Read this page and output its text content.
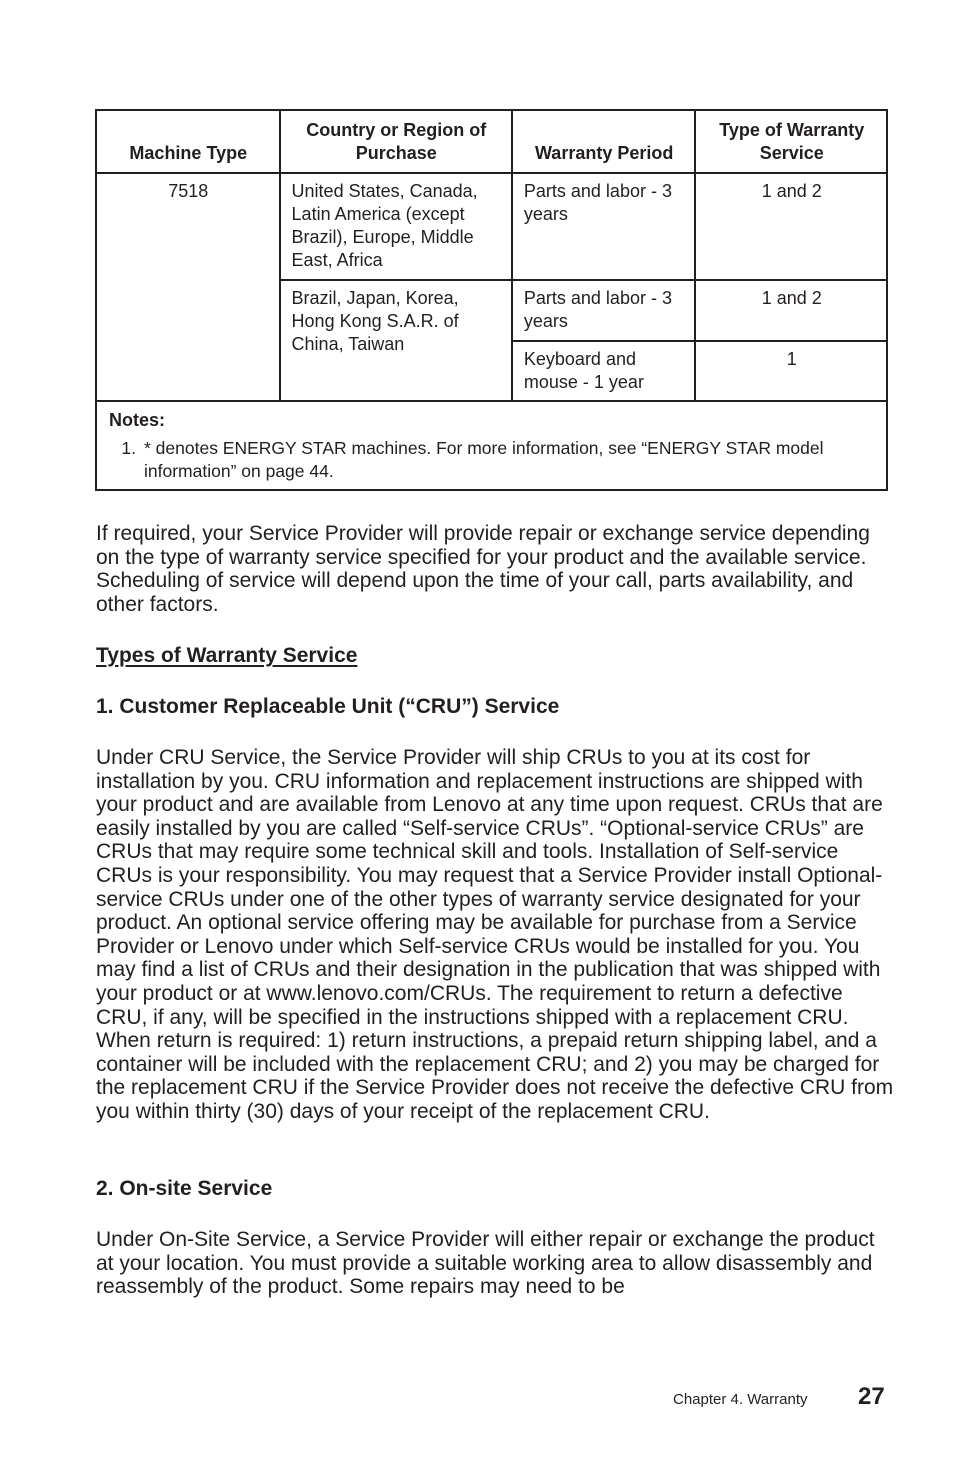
Machine Type	Country or Region of Purchase	Warranty Period	Type of Warranty Service
7518	United States, Canada, Latin America (except Brazil), Europe, Middle East, Africa	Parts and labor - 3 years	1 and 2
	Brazil, Japan, Korea, Hong Kong S.A.R. of China, Taiwan	Parts and labor - 3 years	1 and 2
		Keyboard and mouse - 1 year	1

Notes:
1. * denotes ENERGY STAR machines. For more information, see “ENERGY STAR model information” on page 44.			

If required, your Service Provider will provide repair or exchange service depending on the type of warranty service specified for your product and the available service. Scheduling of service will depend upon the time of your call, parts availability, and other factors.

Types of Warranty Service

1. Customer Replaceable Unit (“CRU”) Service

Under CRU Service, the Service Provider will ship CRUs to you at its cost for installation by you. CRU information and replacement instructions are shipped with your product and are available from Lenovo at any time upon request. CRUs that are easily installed by you are called “Self-service CRUs”. “Optional-service CRUs” are CRUs that may require some technical skill and tools. Installation of Self-service CRUs is your responsibility. You may request that a Service Provider install Optional-service CRUs under one of the other types of warranty service designated for your product. An optional service offering may be available for purchase from a Service Provider or Lenovo under which Self-service CRUs would be installed for you. You may find a list of CRUs and their designation in the publication that was shipped with your product or at www.lenovo.com/CRUs. The requirement to return a defective CRU, if any, will be specified in the instructions shipped with a replacement CRU. When return is required: 1) return instructions, a prepaid return shipping label, and a container will be included with the replacement CRU; and 2) you may be charged for the replacement CRU if the Service Provider does not receive the defective CRU from you within thirty (30) days of your receipt of the replacement CRU.

2. On-site Service

Under On-Site Service, a Service Provider will either repair or exchange the product at your location. You must provide a suitable working area to allow disassembly and reassembly of the product. Some repairs may need to be

Chapter 4. Warranty 27
